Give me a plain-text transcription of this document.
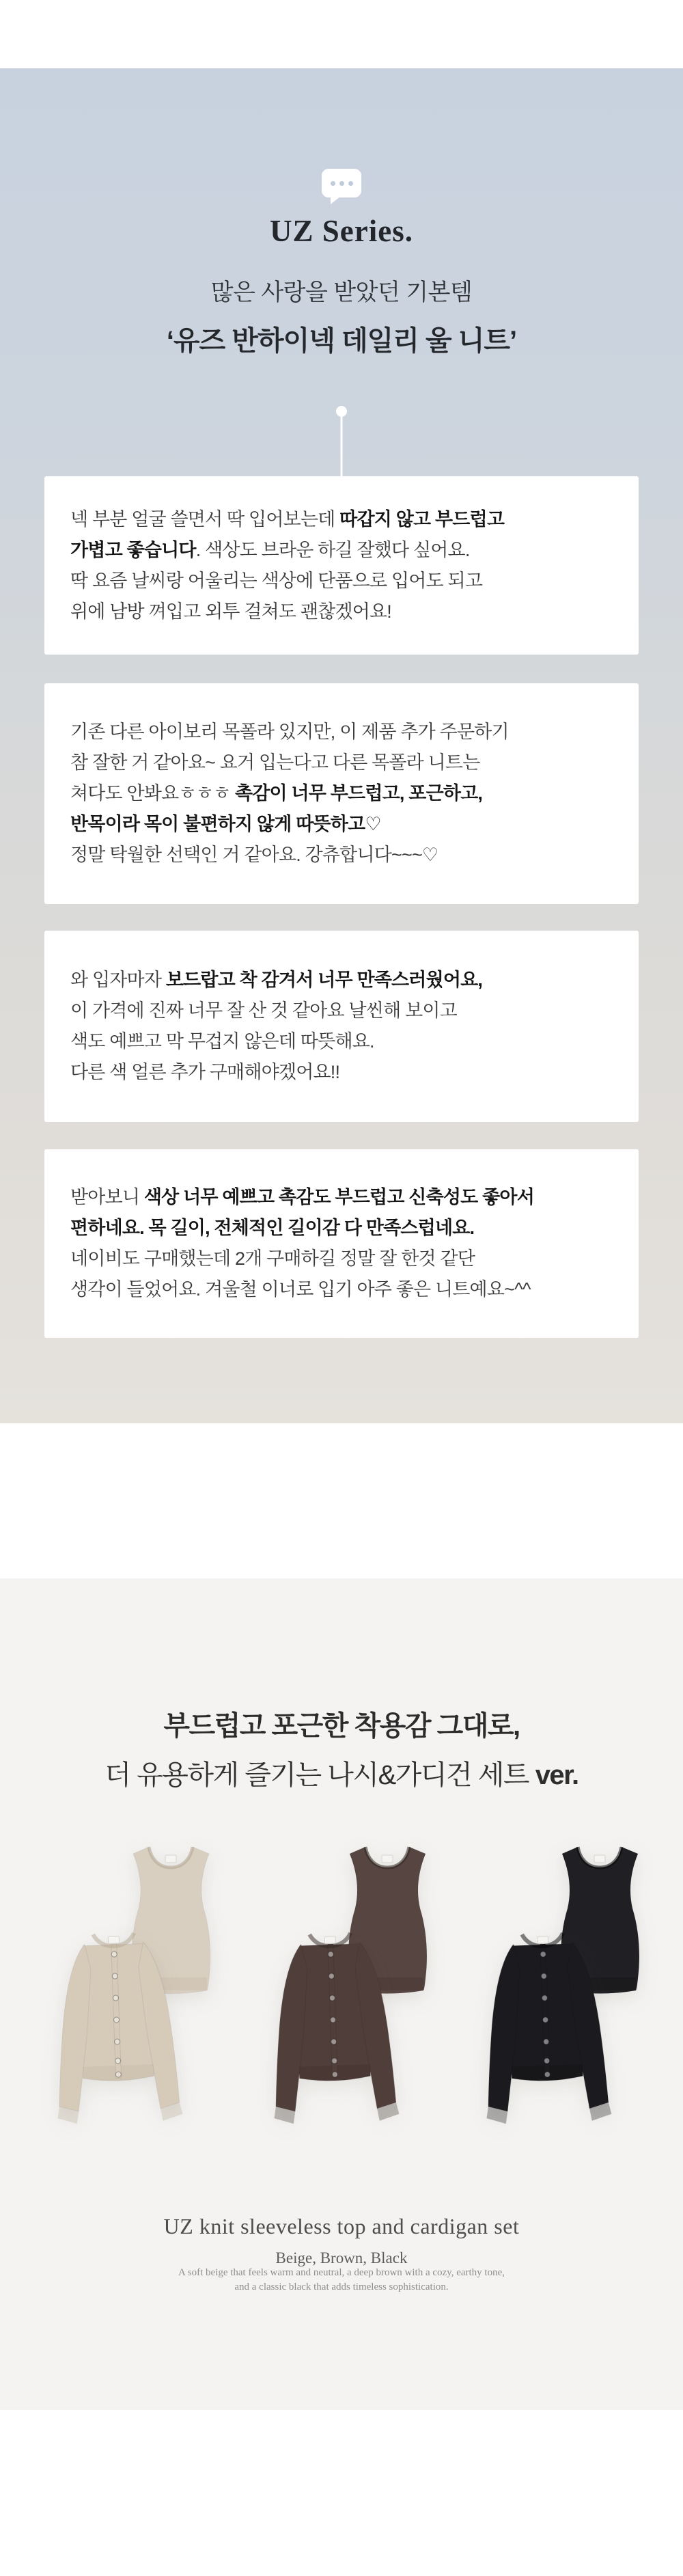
UZ Series.

많은 사랑을 받았던 기본템

‘유즈 반하이넥 데일리 울 니트’

넥 부분 얼굴 쓸면서 딱 입어보는데 따갑지 않고 부드럽고

가볍고 좋습니다. 색상도 브라운 하길 잘했다 싶어요.

딱 요즘 날씨랑 어울리는 색상에 단품으로 입어도 되고

위에 남방 껴입고 외투 걸쳐도 괜찮겠어요!

기존 다른 아이보리 목폴라 있지만, 이 제품 추가 주문하기

참 잘한 거 같아요~ 요거 입는다고 다른 목폴라 니트는

쳐다도 안봐요ㅎㅎㅎ 촉감이 너무 부드럽고, 포근하고,

반목이라 목이 불편하지 않게 따뜻하고♡

정말 탁월한 선택인 거 같아요. 강츄합니다~~~♡

와 입자마자 보드랍고 착 감겨서 너무 만족스러웠어요,

이 가격에 진짜 너무 잘 산 것 같아요 날씬해 보이고

색도 예쁘고 막 무겁지 않은데 따뜻해요.

다른 색 얼른 추가 구매해야겠어요!!

받아보니 색상 너무 예쁘고 촉감도 부드럽고 신축성도 좋아서

편하네요. 목 길이, 전체적인 길이감 다 만족스럽네요.

네이비도 구매했는데 2개 구매하길 정말 잘 한것 같단

생각이 들었어요. 겨울철 이너로 입기 아주 좋은 니트예요~^^

부드럽고 포근한 착용감 그대로,
더 유용하게 즐기는 나시&가디건 세트 ver.

UZ knit sleeveless top and cardigan set

Beige, Brown, Black

A soft beige that feels warm and neutral, a deep brown with a cozy, earthy tone,

and a classic black that adds timeless sophistication.
